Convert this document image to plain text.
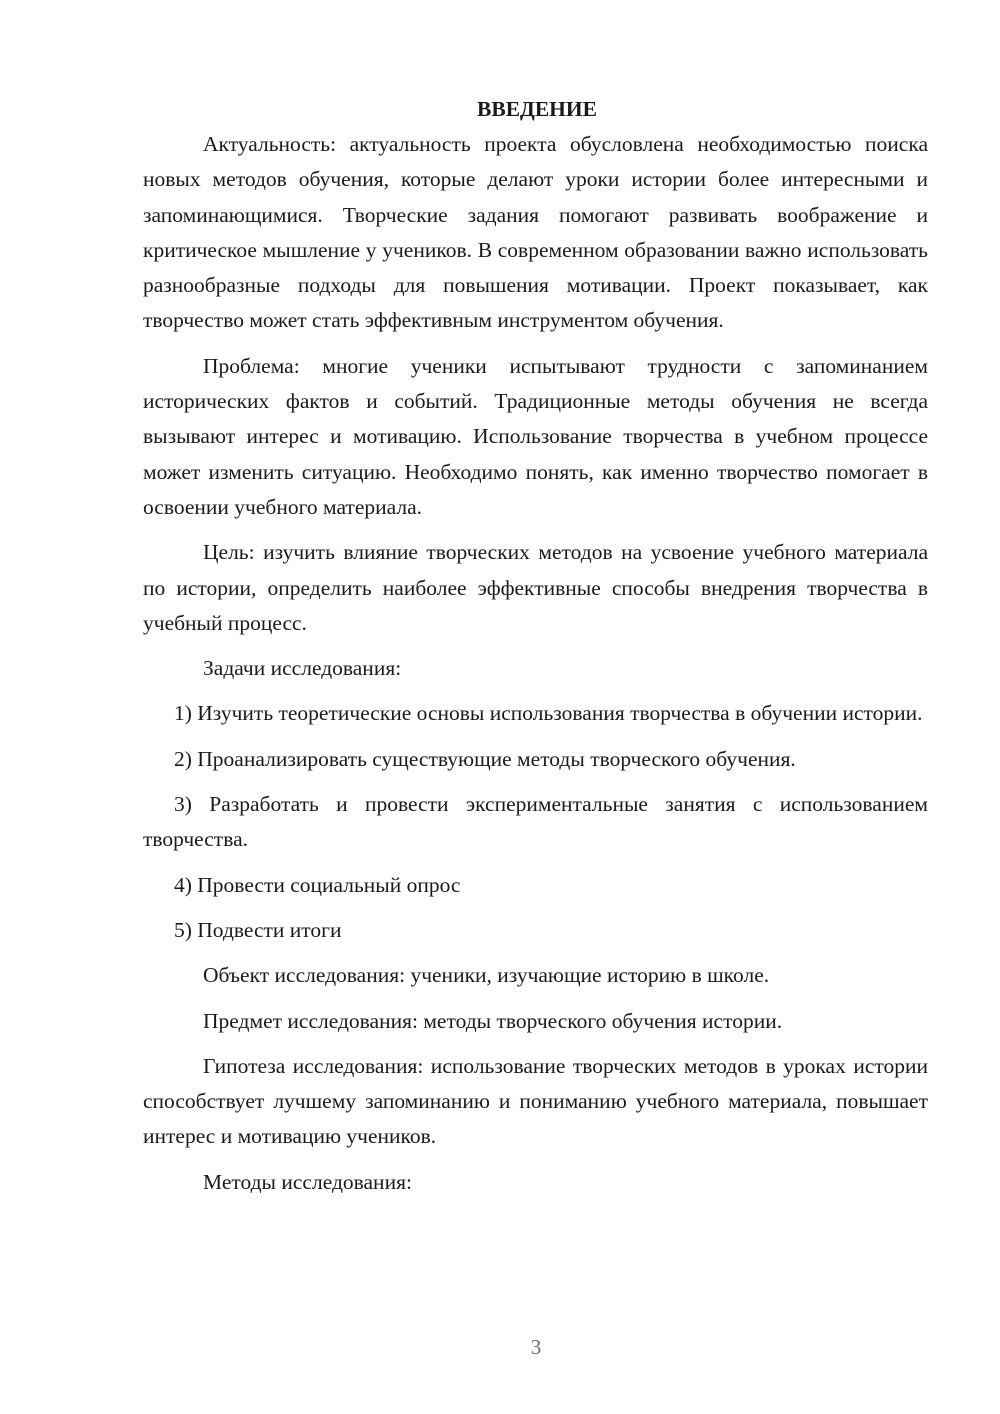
ВВЕДЕНИЕ

Актуальность: актуальность проекта обусловлена необходимостью поиска новых методов обучения, которые делают уроки истории более интересными и запоминающимися. Творческие задания помогают развивать воображение и критическое мышление у учеников. В современном образовании важно использовать разнообразные подходы для повышения мотивации. Проект показывает, как творчество может стать эффективным инструментом обучения.

Проблема: многие ученики испытывают трудности с запоминанием исторических фактов и событий. Традиционные методы обучения не всегда вызывают интерес и мотивацию. Использование творчества в учебном процессе может изменить ситуацию. Необходимо понять, как именно творчество помогает в освоении учебного материала.

Цель: изучить влияние творческих методов на усвоение учебного материала по истории, определить наиболее эффективные способы внедрения творчества в учебный процесс.

Задачи исследования:

1) Изучить теоретические основы использования творчества в обучении истории.

2) Проанализировать существующие методы творческого обучения.

3) Разработать и провести экспериментальные занятия с использованием творчества.

4) Провести социальный опрос

5) Подвести итоги

Объект исследования: ученики, изучающие историю в школе.

Предмет исследования: методы творческого обучения истории.

Гипотеза исследования: использование творческих методов в уроках истории способствует лучшему запоминанию и пониманию учебного материала, повышает интерес и мотивацию учеников.

Методы исследования:

3
